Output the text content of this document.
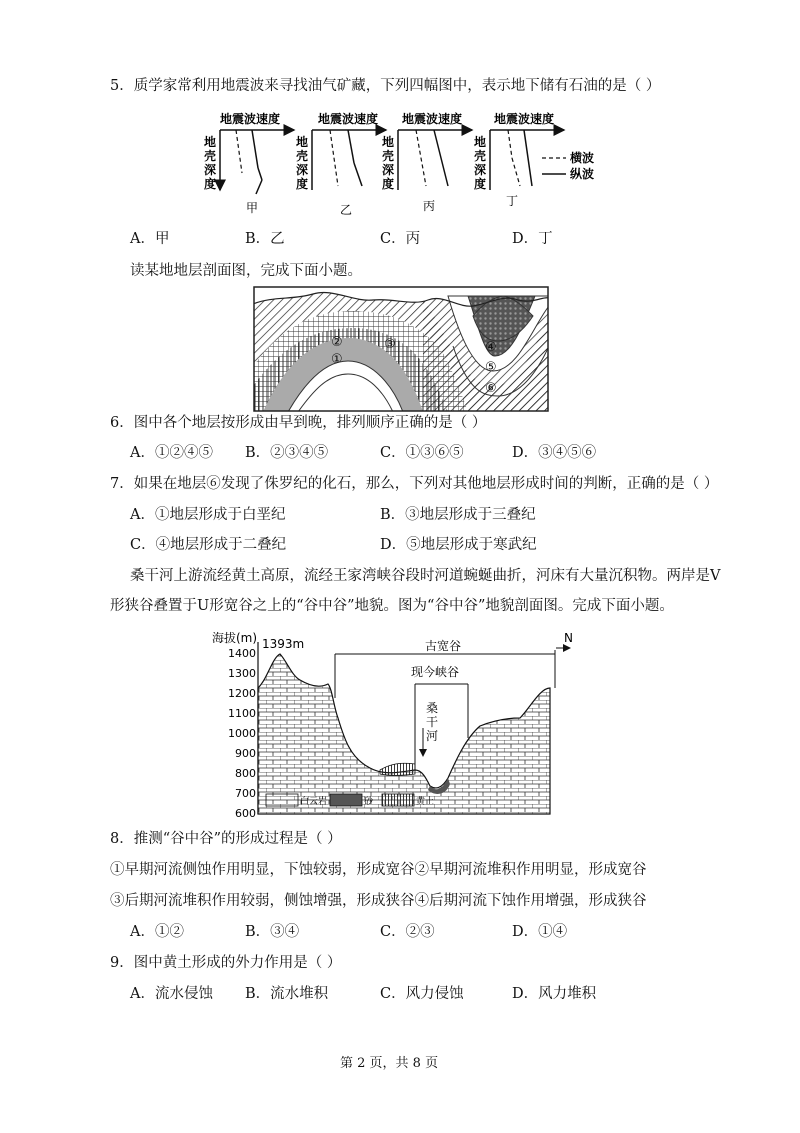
5．质学家常利用地震波来寻找油气矿藏，下列四幅图中，表示地下储有石油的是（ ）
地震波速度	地震波速度 地震波速度	地震波速度
地
壳
深
度
地
壳
深
度
地
壳
深
度
地
壳
深
度
横波
纵波
甲	乙	丙	丁
A．甲	B．乙	C．丙	D．丁
读某地地层剖面图，完成下面小题。
②
①
③	④
⑤
⑥
6．图中各个地层按形成由早到晚，排列顺序正确的是（ ）
A．①②④⑤ B．②③④⑤	C．①③⑥⑤	D．③④⑤⑥
7．如果在地层⑥发现了侏罗纪的化石，那么，下列对其他地层形成时间的判断，正确的是（ ）
A．①地层形成于白垩纪	B．③地层形成于三叠纪
C．④地层形成于二叠纪	D．⑤地层形成于寒武纪
桑干河上游流经黄土高原，流经王家湾峡谷段时河道蜿蜒曲折，河床有大量沉积物。两岸是V
形狭谷叠置于U形宽谷之上的“谷中谷”地貌。图为“谷中谷”地貌剖面图。完成下面小题。
海拔(m) 1393m
1400
1300
1200
1100
1000
900
800
700
600
古宽谷
N
现今峡谷
桑
干
河
白云岩	砂	黄土
8．推测“谷中谷”的形成过程是（ ）
①早期河流侧蚀作用明显，下蚀较弱，形成宽谷②早期河流堆积作用明显，形成宽谷
③后期河流堆积作用较弱，侧蚀增强，形成狭谷④后期河流下蚀作用增强，形成狭谷
A．①②	B．③④	C．②③	D．①④
9．图中黄土形成的外力作用是（ ）
A．流水侵蚀 B．流水堆积	C．风力侵蚀	D．风力堆积
第 2 页，共 8 页
